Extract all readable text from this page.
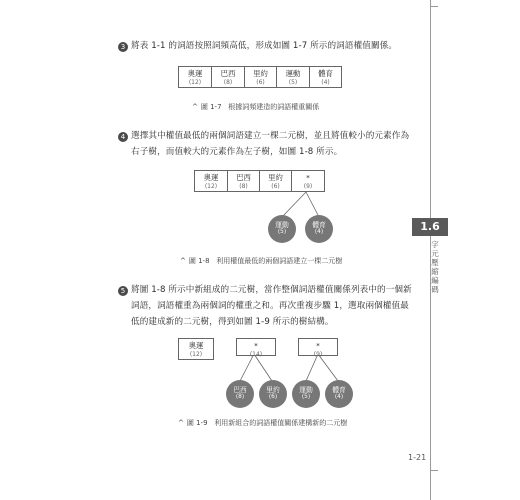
1.6
字元壓縮編碼
1-21
3 將表 1-1 的詞語按照詞頻高低，形成如圖 1-7 所示的詞語權值關係。
奧運
(12)
巴西
(8)
里約
(6)
運動
(5)
體育
(4)
^ 圖 1-7 根據詞頻建造的詞語權重關係
4 選擇其中權值最低的兩個詞語建立一棵二元樹，並且將值較小的元素作為
右子樹，而值較大的元素作為左子樹，如圖 1-8 所示。
奧運
(12)
巴西
(8)
里約
(6)
*
(9)
運動
(5)
體育
(4)
^ 圖 1-8 利用權值最低的兩個詞語建立一棵二元樹
5 將圖 1-8 所示中新組成的二元樹，當作整個詞語權值關係列表中的一個新
詞語，詞語權重為兩個詞的權重之和。再次重複步驟 1，選取兩個權值最
低的建成新的二元樹，得到如圖 1-9 所示的樹結構。
奧運
(12)
*
(14)
*
(9)
巴西
(8)
里約
(6)
運動
(5)
體育
(4)
^ 圖 1-9 利用新組合的詞語權值關係建構新的二元樹
